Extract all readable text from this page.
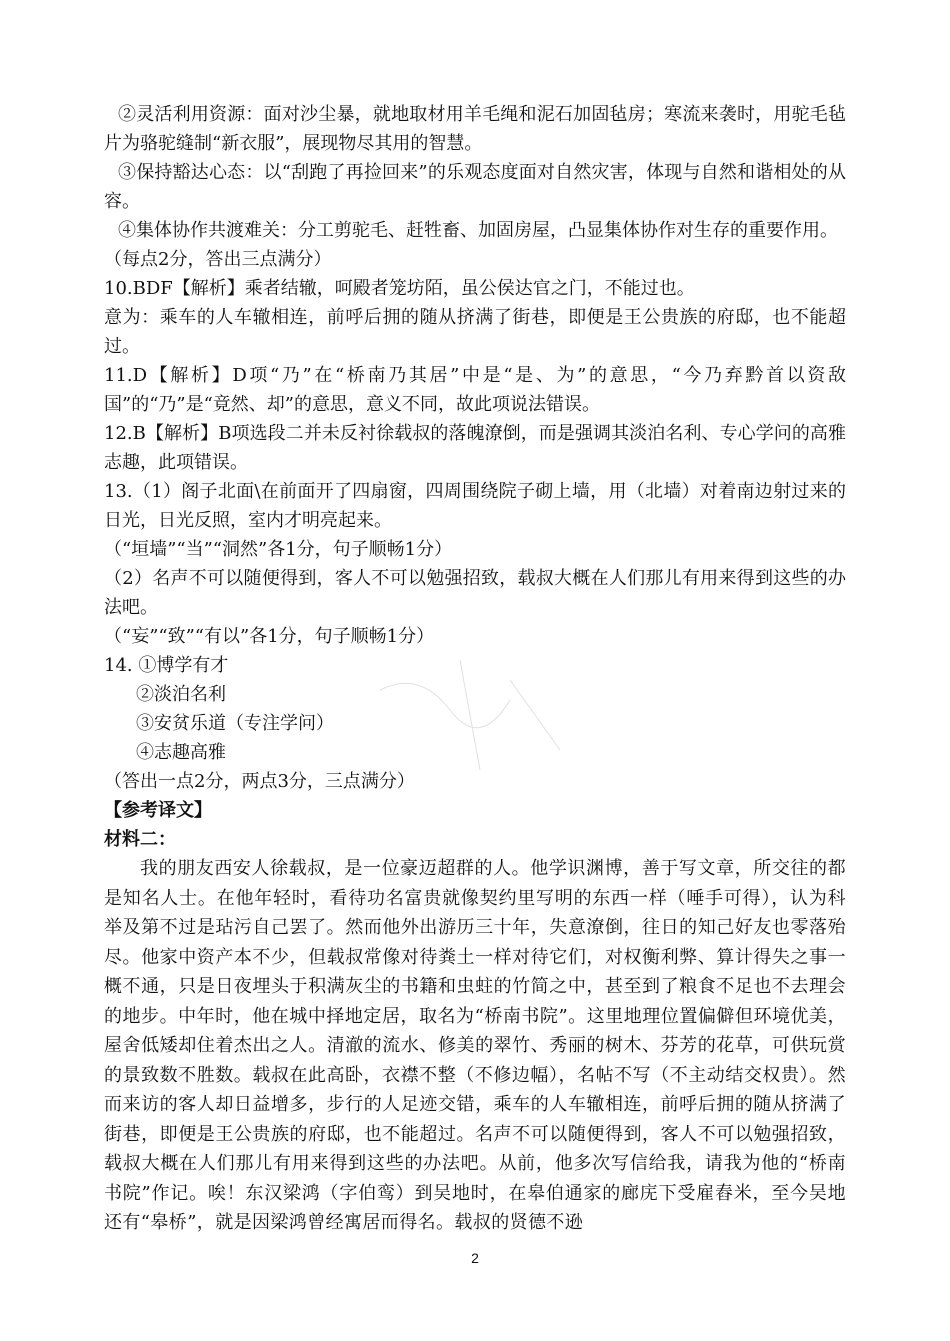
②灵活利用资源：面对沙尘暴，就地取材用羊毛绳和泥石加固毡房；寒流来袭时，用驼毛毡片为骆驼缝制“新衣服”，展现物尽其用的智慧。

③保持豁达心态：以“刮跑了再捡回来”的乐观态度面对自然灾害，体现与自然和谐相处的从容。

④集体协作共渡难关：分工剪驼毛、赶牲畜、加固房屋，凸显集体协作对生存的重要作用。

（每点2分，答出三点满分）

10.BDF【解析】乘者结辙，呵殿者笼坊陌，虽公侯达官之门，不能过也。

意为：乘车的人车辙相连，前呼后拥的随从挤满了街巷，即便是王公贵族的府邸，也不能超过。

11.D【解析】D项“乃”在“桥南乃其居”中是“是、为”的意思，“今乃弃黔首以资敌国”的“乃”是“竟然、却”的意思，意义不同，故此项说法错误。

12.B【解析】B项选段二并未反衬徐载叔的落魄潦倒，而是强调其淡泊名利、专心学问的高雅志趣，此项错误。

13.（1）阁子北面\在前面开了四扇窗，四周围绕院子砌上墙，用（北墙）对着南边射过来的日光，日光反照，室内才明亮起来。

（“垣墙”“当”“洞然”各1分，句子顺畅1分）

（2）名声不可以随便得到，客人不可以勉强招致，载叔大概在人们那儿有用来得到这些的办法吧。

（“妄”“致”“有以”各1分，句子顺畅1分）

14. ①博学有才

②淡泊名利

③安贫乐道（专注学问）

④志趣高雅

（答出一点2分，两点3分，三点满分）

【参考译文】

材料二：

我的朋友西安人徐载叔，是一位豪迈超群的人。他学识渊博，善于写文章，所交往的都是知名人士。在他年轻时，看待功名富贵就像契约里写明的东西一样（唾手可得），认为科举及第不过是玷污自己罢了。然而他外出游历三十年，失意潦倒，往日的知己好友也零落殆尽。他家中资产本不少，但载叔常像对待粪土一样对待它们，对权衡利弊、算计得失之事一概不通，只是日夜埋头于积满灰尘的书籍和虫蛀的竹简之中，甚至到了粮食不足也不去理会的地步。中年时，他在城中择地定居，取名为“桥南书院”。这里地理位置偏僻但环境优美，屋舍低矮却住着杰出之人。清澈的流水、修美的翠竹、秀丽的树木、芬芳的花草，可供玩赏的景致数不胜数。载叔在此高卧，衣襟不整（不修边幅），名帖不写（不主动结交权贵）。然而来访的客人却日益增多，步行的人足迹交错，乘车的人车辙相连，前呼后拥的随从挤满了街巷，即便是王公贵族的府邸，也不能超过。名声不可以随便得到，客人不可以勉强招致，载叔大概在人们那儿有用来得到这些的办法吧。从前，他多次写信给我，请我为他的“桥南书院”作记。唉！东汉梁鸿（字伯鸾）到吴地时，在皋伯通家的廊庑下受雇舂米，至今吴地还有“皋桥”，就是因梁鸿曾经寓居而得名。载叔的贤德不逊

2
